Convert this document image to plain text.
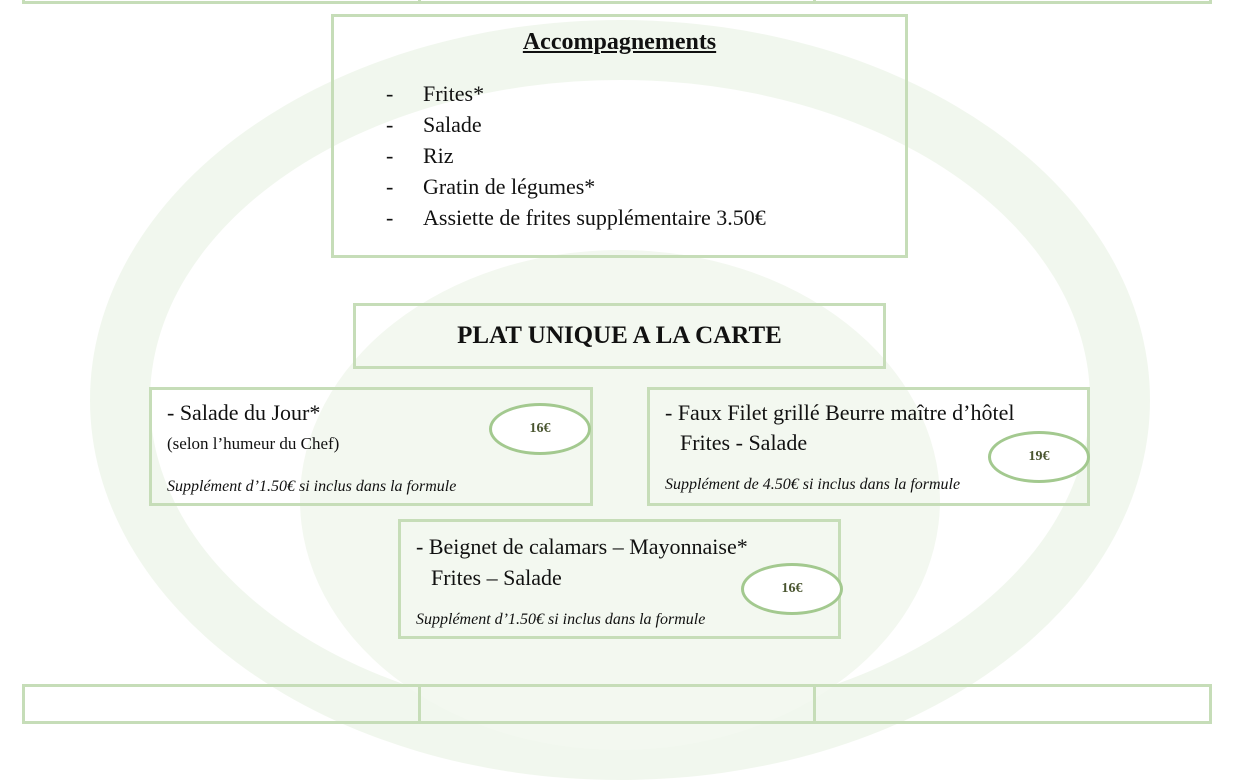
Accompagnements
- Frites*
- Salade
- Riz
- Gratin de légumes*
- Assiette de frites supplémentaire 3.50€
PLAT UNIQUE A LA CARTE
- Salade du Jour*
(selon l’humeur du Chef)
Supplément d’1.50€ si inclus dans la formule
16€
- Faux Filet grillé Beurre maître d’hôtel
Frites - Salade
Supplément de 4.50€ si inclus dans la formule
19€
- Beignet de calamars – Mayonnaise*
Frites – Salade
Supplément d’1.50€ si inclus dans la formule
16€
